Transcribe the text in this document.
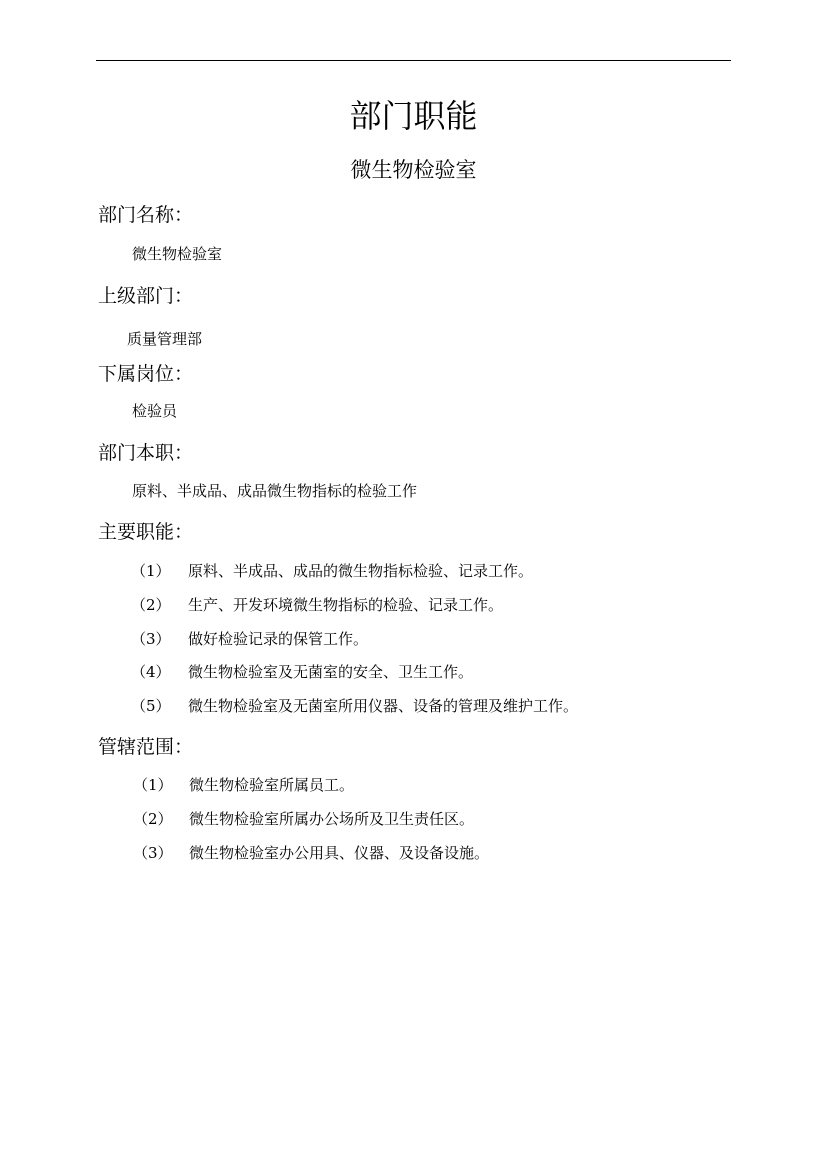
部门职能
微生物检验室
部门名称：
微生物检验室
上级部门：
质量管理部
下属岗位：
检验员
部门本职：
原料、半成品、成品微生物指标的检验工作
主要职能：
（1） 原料、半成品、成品的微生物指标检验、记录工作。
（2） 生产、开发环境微生物指标的检验、记录工作。
（3） 做好检验记录的保管工作。
（4） 微生物检验室及无菌室的安全、卫生工作。
（5） 微生物检验室及无菌室所用仪器、设备的管理及维护工作。
管辖范围：
（1） 微生物检验室所属员工。
（2） 微生物检验室所属办公场所及卫生责任区。
（3） 微生物检验室办公用具、仪器、及设备设施。
